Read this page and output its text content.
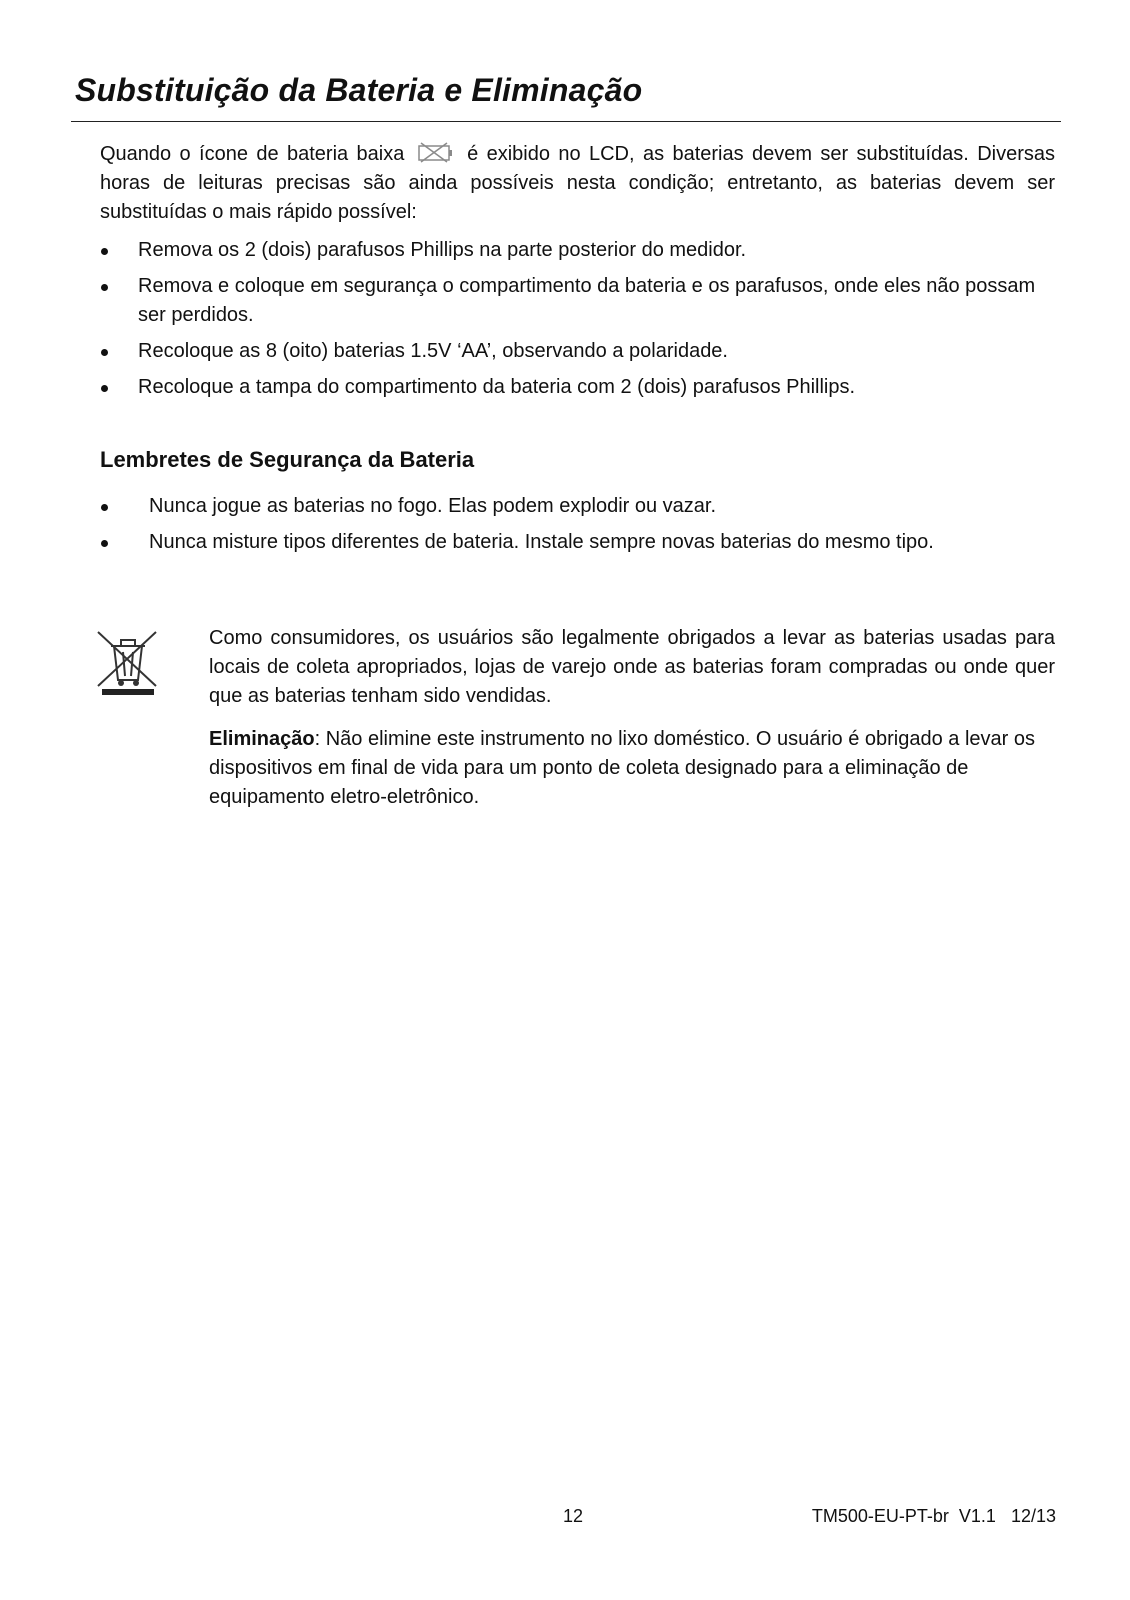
Substituição da Bateria e Eliminação

Quando o ícone de bateria baixa	é exibido no LCD, as baterias devem ser substituídas. Diversas horas de leituras precisas são ainda possíveis nesta condição; entretanto, as baterias devem ser substituídas o mais rápido possível:

Remova os 2 (dois) parafusos Phillips na parte posterior do medidor.
Remova e coloque em segurança o compartimento da bateria e os parafusos, onde eles não possam ser perdidos.
Recoloque as 8 (oito) baterias 1.5V ‘AA’, observando a polaridade.
Recoloque a tampa do compartimento da bateria com 2 (dois) parafusos Phillips.
Lembretes de Segurança da Bateria
Nunca jogue as baterias no fogo. Elas podem explodir ou vazar.
Nunca misture tipos diferentes de bateria. Instale sempre novas baterias do mesmo tipo.

Como consumidores, os usuários são legalmente obrigados a levar as baterias usadas para locais de coleta apropriados, lojas de varejo onde as baterias foram compradas ou onde quer que as baterias tenham sido vendidas.

Eliminação: Não elimine este instrumento no lixo doméstico. O usuário é obrigado a levar os dispositivos em final de vida para um ponto de coleta designado para a eliminação de equipamento eletro-eletrônico.

12	TM500-EU-PT-br  V1.1   12/13
